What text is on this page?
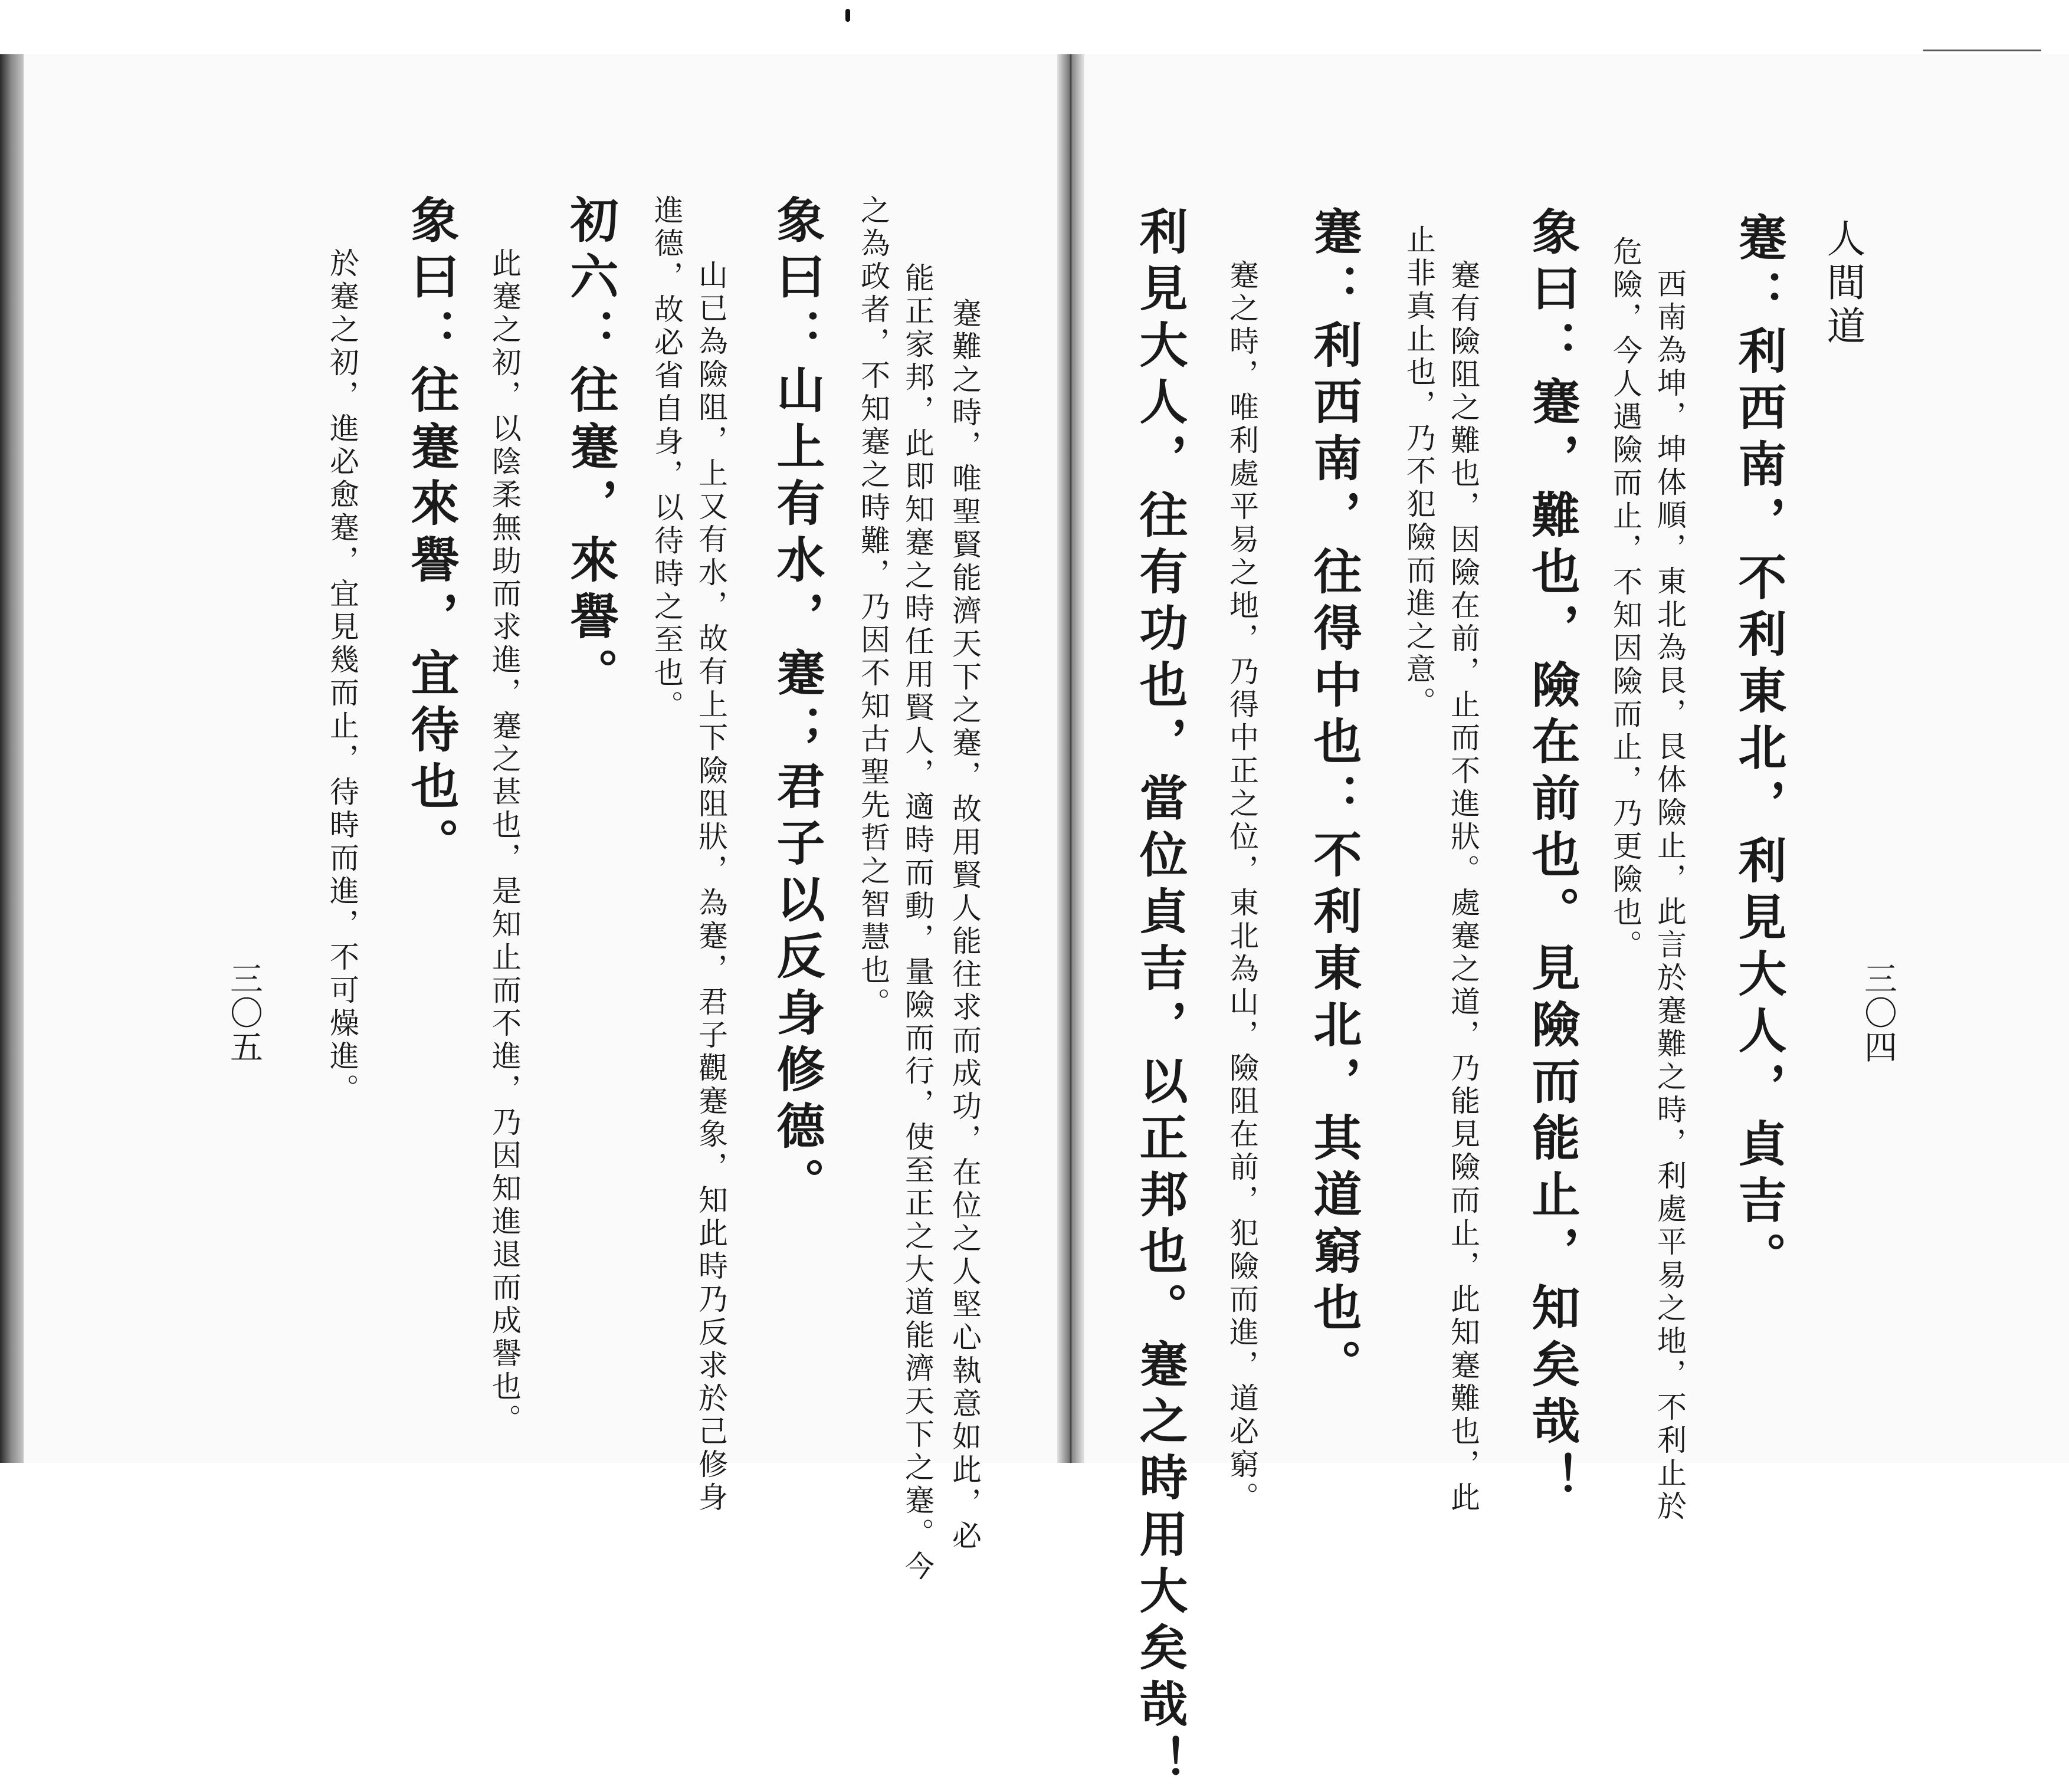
人間道
蹇：利西南，不利東北，利見大人，貞吉。
西南為坤，坤体順，東北為艮，艮体險止，此言於蹇難之時，利處平易之地，不利止於
危險，今人遇險而止，不知因險而止，乃更險也。
象曰：蹇，難也，險在前也。見險而能止，知矣哉！
蹇有險阻之難也，因險在前，止而不進狀。處蹇之道，乃能見險而止，此知蹇難也，此
止非真止也，乃不犯險而進之意。
蹇：利西南，往得中也：不利東北，其道窮也。
蹇之時，唯利處平易之地，乃得中正之位，東北為山，險阻在前，犯險而進，道必窮。
利見大人，往有功也，當位貞吉，以正邦也。蹇之時用大矣哉！	三〇四
蹇難之時，唯聖賢能濟天下之蹇，故用賢人能往求而成功，在位之人堅心執意如此，必
能正家邦，此即知蹇之時任用賢人，適時而動，量險而行，使至正之大道能濟天下之蹇。今
之為政者，不知蹇之時難，乃因不知古聖先哲之智慧也。
象曰：山上有水，蹇；君子以反身修德。
山已為險阻，上又有水，故有上下險阻狀，為蹇，君子觀蹇象，知此時乃反求於己修身
進德，故必省自身，以待時之至也。
初六：往蹇，來譽。
此蹇之初，以陰柔無助而求進，蹇之甚也，是知止而不進，乃因知進退而成譽也。
象曰：往蹇來譽，宜待也。
於蹇之初，進必愈蹇，宜見幾而止，待時而進，不可燥進。
三〇五
